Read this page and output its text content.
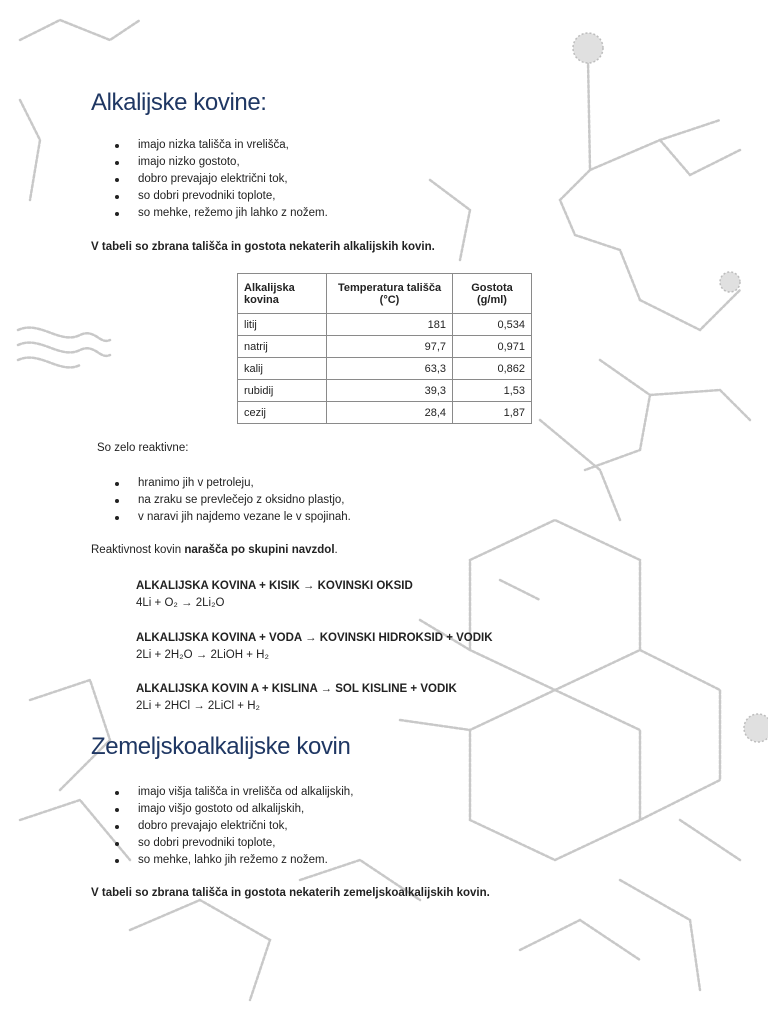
Alkalijske kovine:
imajo nizka tališča in vrelišča,
imajo nizko gostoto,
dobro prevajajo električni tok,
so dobri prevodniki toplote,
so mehke, režemo jih lahko z nožem.
V tabeli so zbrana tališča in gostota nekaterih alkalijskih kovin.
Alkalijska kovina	Temperatura tališča (°C)	Gostota (g/ml)
litij	181	0,534
natrij	97,7	0,971
kalij	63,3	0,862
rubidij	39,3	1,53
cezij	28,4	1,87
So zelo reaktivne:
hranimo jih v petroleju,
na zraku se prevlečejo z oksidno plastjo,
v naravi jih najdemo vezane le v spojinah.
Reaktivnost kovin narašča po skupini navzdol.
ALKALIJSKA KOVINA + KISIK → KOVINSKI OKSID
4Li + O₂ → 2Li₂O
ALKALIJSKA KOVINA + VODA → KOVINSKI HIDROKSID + VODIK
2Li + 2H₂O → 2LiOH + H₂
ALKALIJSKA KOVIN A + KISLINA → SOL KISLINE + VODIK
2Li + 2HCl → 2LiCl + H₂
Zemeljskoalkalijske kovin
imajo višja tališča in vrelišča od alkalijskih,
imajo višjo gostoto od alkalijskih,
dobro prevajajo električni tok,
so dobri prevodniki toplote,
so mehke, lahko jih režemo z nožem.
V tabeli so zbrana tališča in gostota nekaterih zemeljskoalkalijskih kovin.
